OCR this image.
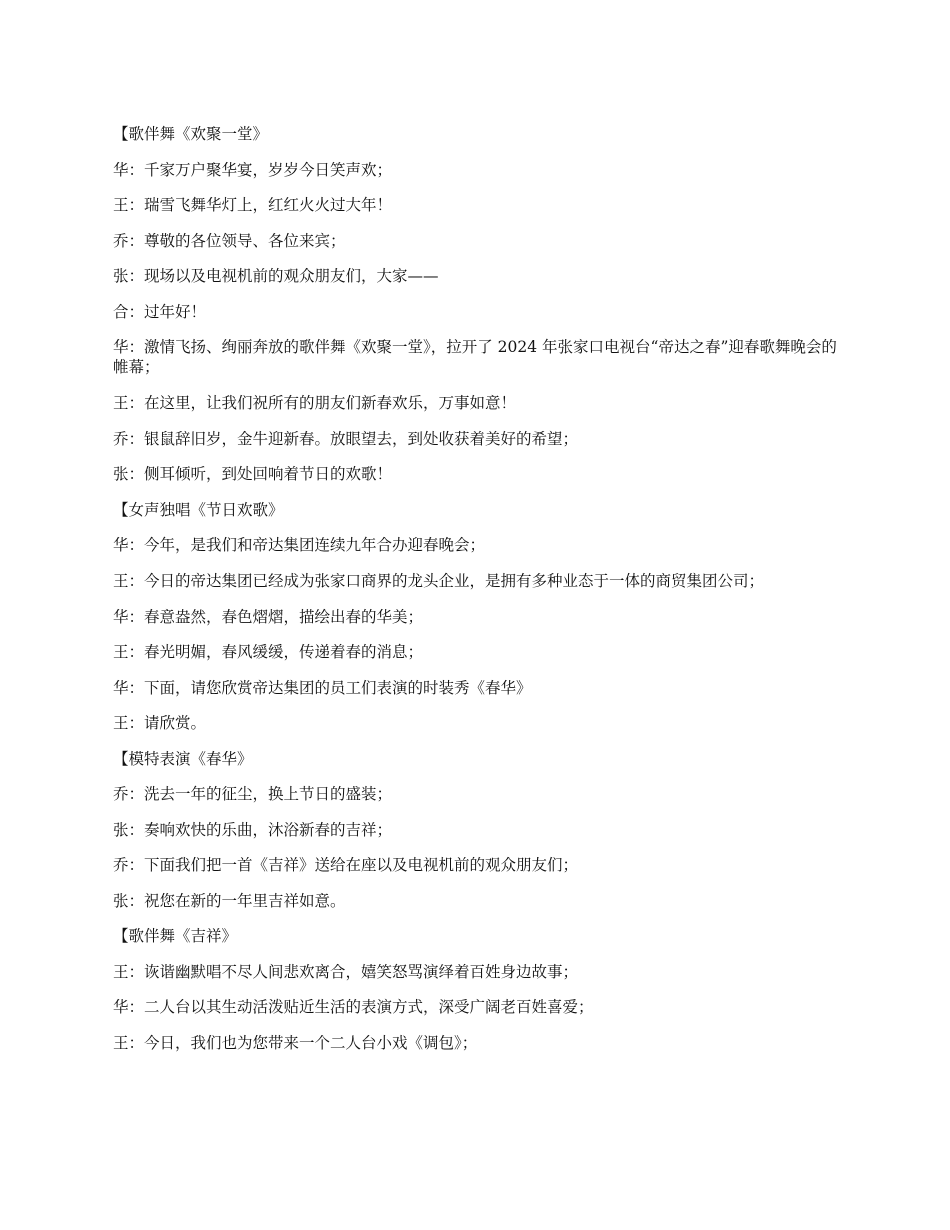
【歌伴舞《欢聚一堂》

华：千家万户聚华宴，岁岁今日笑声欢；

王：瑞雪飞舞华灯上，红红火火过大年！

乔：尊敬的各位领导、各位来宾；

张：现场以及电视机前的观众朋友们，大家——

合：过年好！

华：激情飞扬、绚丽奔放的歌伴舞《欢聚一堂》，拉开了 2024 年张家口电视台“帝达之春”迎春歌舞晚会的帷幕；

王：在这里，让我们祝所有的朋友们新春欢乐，万事如意！

乔：银鼠辞旧岁，金牛迎新春。放眼望去，到处收获着美好的希望；

张：侧耳倾听，到处回响着节日的欢歌！

【女声独唱《节日欢歌》

华：今年，是我们和帝达集团连续九年合办迎春晚会；

王：今日的帝达集团已经成为张家口商界的龙头企业，是拥有多种业态于一体的商贸集团公司；

华：春意盎然，春色熠熠，描绘出春的华美；

王：春光明媚，春风缓缓，传递着春的消息；

华：下面，请您欣赏帝达集团的员工们表演的时装秀《春华》

王：请欣赏。

【模特表演《春华》

乔：洗去一年的征尘，换上节日的盛装；

张：奏响欢快的乐曲，沐浴新春的吉祥；

乔：下面我们把一首《吉祥》送给在座以及电视机前的观众朋友们；

张：祝您在新的一年里吉祥如意。

【歌伴舞《吉祥》

王：诙谐幽默唱不尽人间悲欢离合，嬉笑怒骂演绎着百姓身边故事；

华：二人台以其生动活泼贴近生活的表演方式，深受广阔老百姓喜爱；

王：今日，我们也为您带来一个二人台小戏《调包》；
